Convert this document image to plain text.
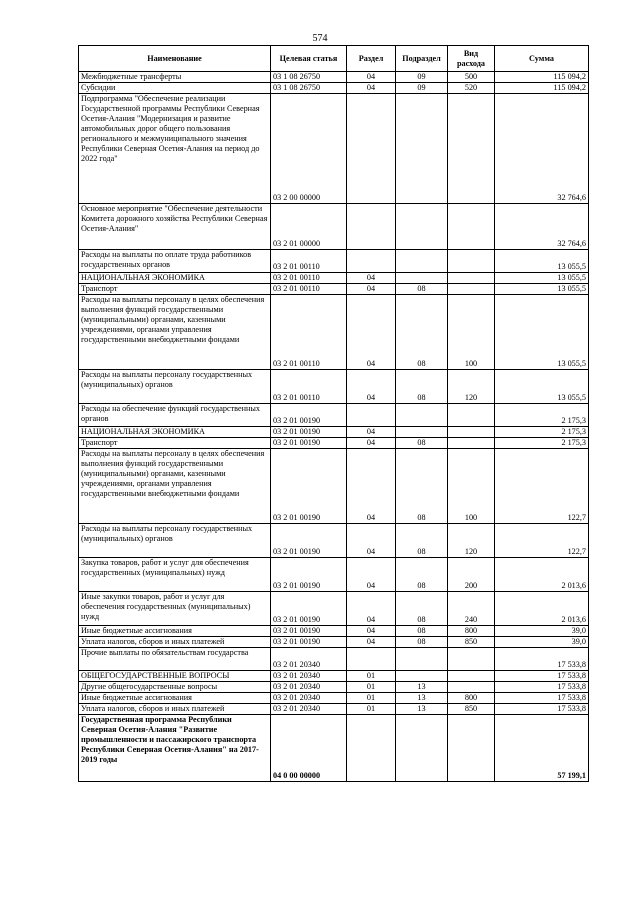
574
Наименование	Целевая статья	Раздел	Подраздел	Вид расхода	Сумма
Межбюджетные трансферты	03 1 08 26750	04	09	500	115 094,2
Субсидии	03 1 08 26750	04	09	520	115 094,2
Подпрограмма "Обеспечение реализации Государственной программы Республики Северная Осетия-Алания "Модернизация и развитие автомобильных дорог общего пользования регионального и межмуниципального значения Республики Северная Осетия-Алания на период до 2022 года"	03 2 00 00000				32 764,6
Основное мероприятие "Обеспечение деятельности Комитета дорожного хозяйства Республики Северная Осетия-Алания"	03 2 01 00000				32 764,6
Расходы на выплаты по оплате труда работников государственных органов	03 2 01 00110				13 055,5
НАЦИОНАЛЬНАЯ ЭКОНОМИКА	03 2 01 00110	04			13 055,5
Транспорт	03 2 01 00110	04	08		13 055,5
Расходы на выплаты персоналу в целях обеспечения выполнения функций государственными (муниципальными) органами, казенными учреждениями, органами управления государственными внебюджетными фондами	03 2 01 00110	04	08	100	13 055,5
Расходы на выплаты персоналу государственных (муниципальных) органов	03 2 01 00110	04	08	120	13 055,5
Расходы на обеспечение функций государственных органов	03 2 01 00190				2 175,3
НАЦИОНАЛЬНАЯ ЭКОНОМИКА	03 2 01 00190	04			2 175,3
Транспорт	03 2 01 00190	04	08		2 175,3
Расходы на выплаты персоналу в целях обеспечения выполнения функций государственными (муниципальными) органами, казенными учреждениями, органами управления государственными внебюджетными фондами	03 2 01 00190	04	08	100	122,7
Расходы на выплаты персоналу государственных (муниципальных) органов	03 2 01 00190	04	08	120	122,7
Закупка товаров, работ и услуг для обеспечения государственных (муниципальных) нужд	03 2 01 00190	04	08	200	2 013,6
Иные закупки товаров, работ и услуг для обеспечения государственных (муниципальных) нужд	03 2 01 00190	04	08	240	2 013,6
Иные бюджетные ассигнования	03 2 01 00190	04	08	800	39,0
Уплата налогов, сборов и иных платежей	03 2 01 00190	04	08	850	39,0
Прочие выплаты по обязательствам государства	03 2 01 20340				17 533,8
ОБЩЕГОСУДАРСТВЕННЫЕ ВОПРОСЫ	03 2 01 20340	01			17 533,8
Другие общегосударственные вопросы	03 2 01 20340	01	13		17 533,8
Иные бюджетные ассигнования	03 2 01 20340	01	13	800	17 533,8
Уплата налогов, сборов и иных платежей	03 2 01 20340	01	13	850	17 533,8
Государственная программа Республики Северная Осетия-Алания "Развитие промышленности и пассажирского транспорта Республики Северная Осетия-Алания" на 2017-2019 годы	04 0 00 00000				57 199,1
